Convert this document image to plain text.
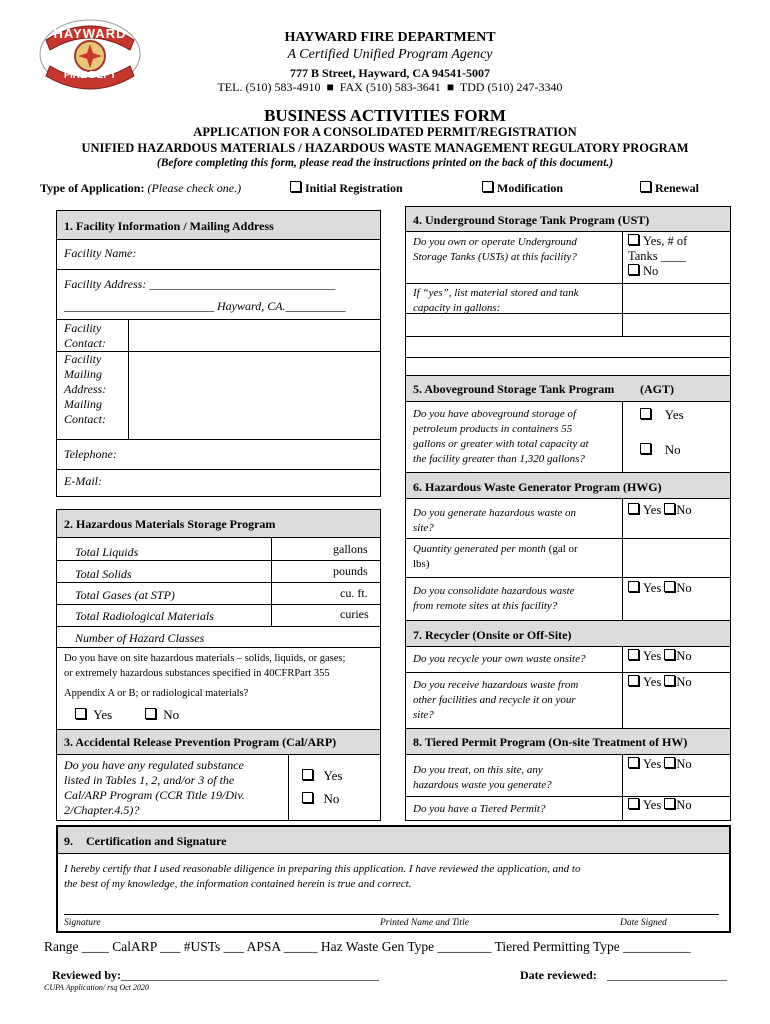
HAYWARD
FIRE DEPT
HAYWARD FIRE DEPARTMENT
A Certified Unified Program Agency
777 B Street, Hayward, CA 94541-5007
TEL. (510) 583-4910  ■  FAX (510) 583-3641  ■  TDD (510) 247-3340
BUSINESS ACTIVITIES FORM
APPLICATION FOR A CONSOLIDATED PERMIT/REGISTRATION
UNIFIED HAZARDOUS MATERIALS / HAZARDOUS WASTE MANAGEMENT REGULATORY PROGRAM
(Before completing this form, please read the instructions printed on the back of this document.)
Type of Application: (Please check one.)	Initial Registration	Modification	Renewal
1. Facility Information / Mailing Address
Facility Name:
Facility Address: _______________________________
_________________________ Hayward, CA.__________
Facility
Contact:
Facility
Mailing
Address:
Mailing
Contact:
Telephone:
E-Mail:
2. Hazardous Materials Storage Program
Total Liquids	gallons
Total Solids	pounds
Total Gases (at STP)	cu. ft.
Total Radiological Materials	curies
Number of Hazard Classes
Do you have on site hazardous materials – solids, liquids, or gases;
or extremely hazardous substances specified in 40CFRPart 355
Appendix A or B; or radiological materials?
Yes	No
3. Accidental Release Prevention Program (Cal/ARP)
Do you have any regulated substance
listed in Tables 1, 2, and/or 3 of the
Cal/ARP Program (CCR Title 19/Div.
2/Chapter.4.5)?
Yes
No
4. Underground Storage Tank Program (UST)
Do you own or operate Underground
Storage Tanks (USTs) at this facility?
Yes, # of
Tanks ____
No
If “yes”, list material stored and tank
capacity in gallons:
5. Aboveground Storage Tank Program (AGT)
Do you have aboveground storage of
petroleum products in containers 55
gallons or greater with total capacity at
the facility greater than 1,320 gallons?
Yes
No
6. Hazardous Waste Generator Program (HWG)
Do you generate hazardous waste on
site?
Yes No
Quantity generated per month (gal or
lbs)
Do you consolidate hazardous waste
from remote sites at this facility?
Yes No
7. Recycler (Onsite or Off-Site)
Do you recycle your own waste onsite?	Yes No
Do you receive hazardous waste from
other facilities and recycle it on your
site?
Yes No
8. Tiered Permit Program (On-site Treatment of HW)
Do you treat, on this site, any
hazardous waste you generate?
Yes No
Do you have a Tiered Permit?	Yes No
9. Certification and Signature
I hereby certify that I used reasonable diligence in preparing this application. I have reviewed the application, and to
the best of my knowledge, the information contained herein is true and correct.
Signature	Printed Name and Title	Date Signed
Range ____ CalARP ___ #USTs ___ APSA _____ Haz Waste Gen Type ________ Tiered Permitting Type __________
Reviewed by: ___________________________________________	Date reviewed: ____________________
CUPA Application/ rsq Oct 2020
